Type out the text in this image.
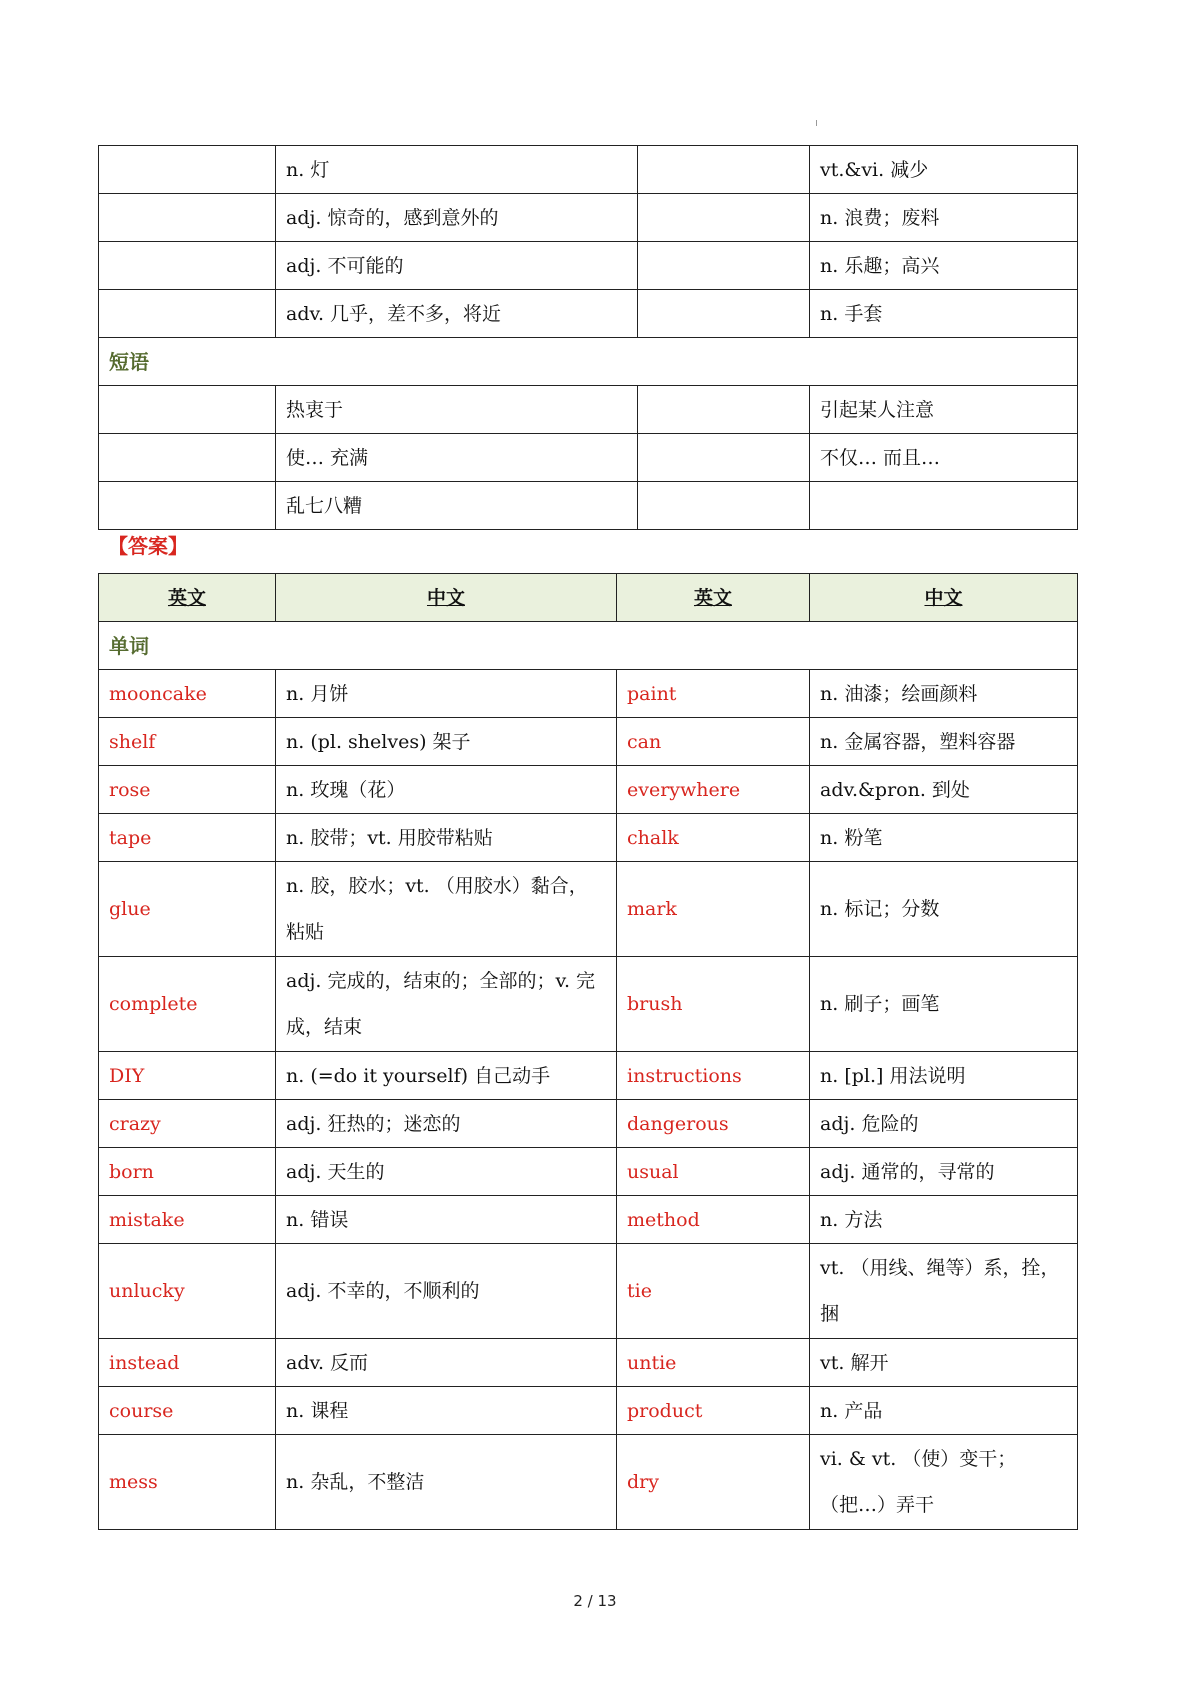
	n. 灯		vt.&vi. 减少
	adj. 惊奇的，感到意外的		n. 浪费；废料
	adj. 不可能的		n. 乐趣；高兴
	adv. 几乎，差不多，将近		n. 手套
短语			
	热衷于		引起某人注意
	使… 充满		不仅… 而且…
	乱七八糟		
【答案】
英文	中文	英文	中文
单词			
mooncake	n. 月饼	paint	n. 油漆；绘画颜料
shelf	n. (pl. shelves) 架子	can	n. 金属容器，塑料容器
rose	n. 玫瑰（花）	everywhere	adv.&pron. 到处
tape	n. 胶带；vt. 用胶带粘贴	chalk	n. 粉笔
glue	n. 胶，胶水；vt. （用胶水）黏合，粘贴	mark	n. 标记；分数
complete	adj. 完成的，结束的；全部的；v. 完成，结束	brush	n. 刷子；画笔
DIY	n. (=do it yourself) 自己动手	instructions	n. [pl.] 用法说明
crazy	adj. 狂热的；迷恋的	dangerous	adj. 危险的
born	adj. 天生的	usual	adj. 通常的，寻常的
mistake	n. 错误	method	n. 方法
unlucky	adj. 不幸的，不顺利的	tie	vt. （用线、绳等）系，拴，捆
instead	adv. 反而	untie	vt. 解开
course	n. 课程	product	n. 产品
mess	n. 杂乱，不整洁	dry	vi. & vt. （使）变干；（把…）弄干
2 / 13
